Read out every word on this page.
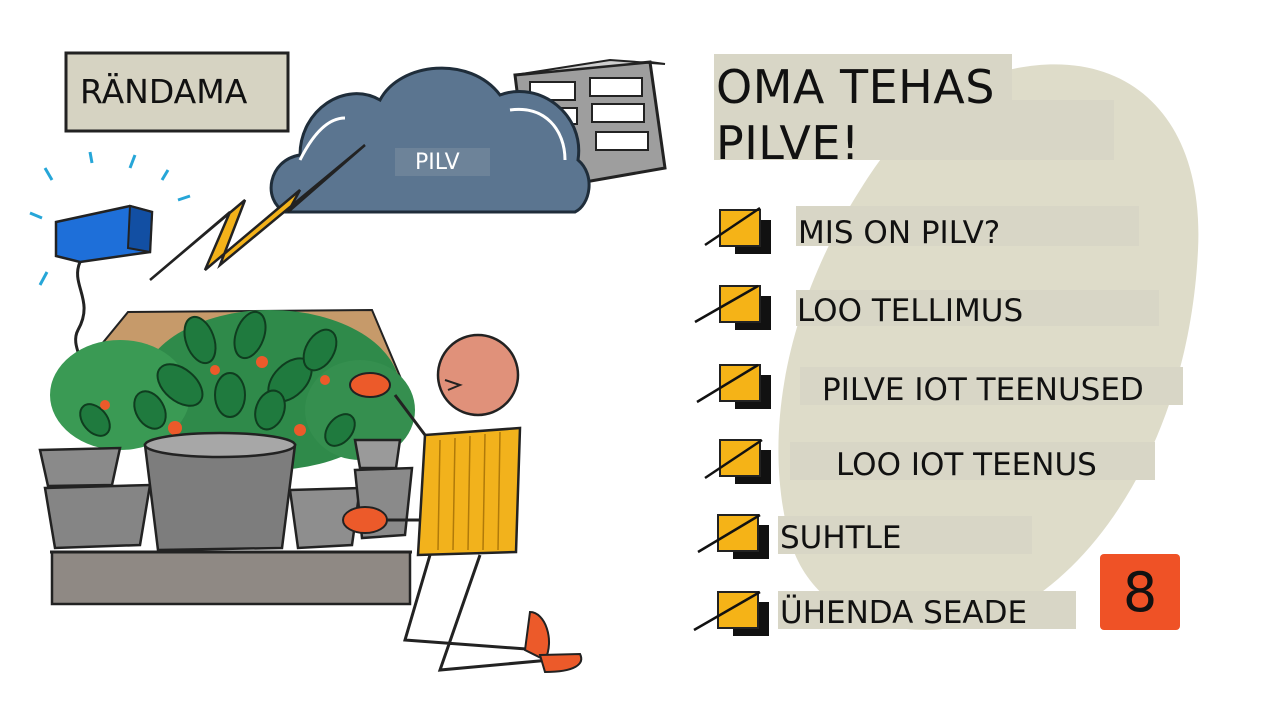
RÄNDAMA
PILV
OMA TEHAS
PILVE!
MIS ON PILV?
LOO TELLIMUS
PILVE IOT TEENUSED
LOO IOT TEENUS
SUHTLE
ÜHENDA SEADE 8
